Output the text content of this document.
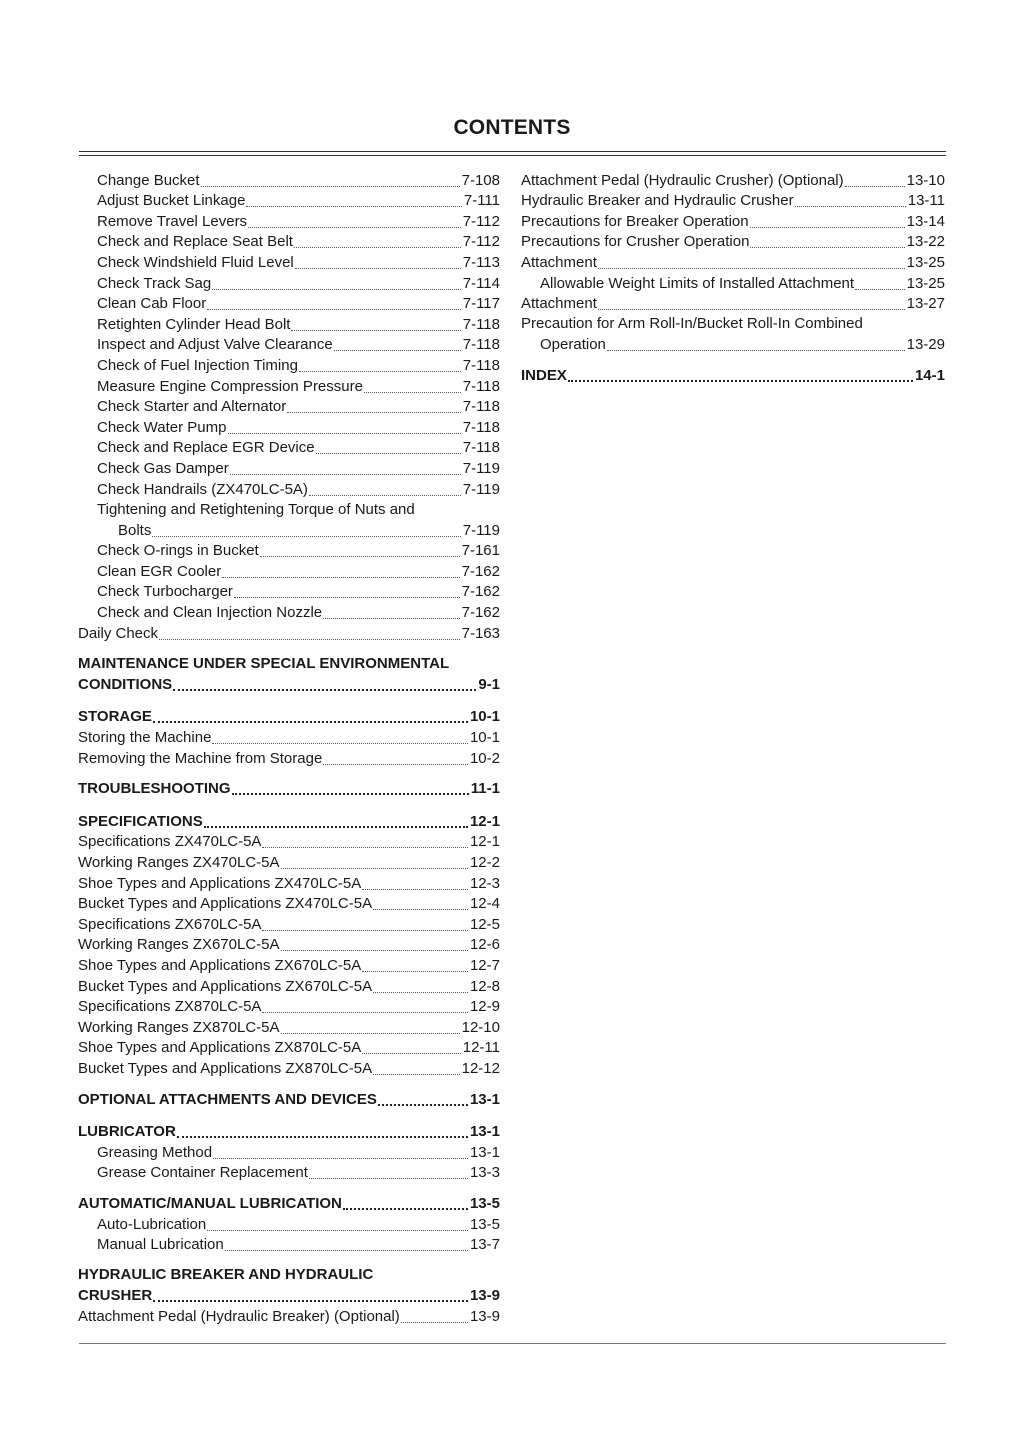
CONTENTS
Change Bucket	7-108
Adjust Bucket Linkage	7-111
Remove Travel Levers	7-112
Check and Replace Seat Belt	7-112
Check Windshield Fluid Level	7-113
Check Track Sag	7-114
Clean Cab Floor	7-117
Retighten Cylinder Head Bolt	7-118
Inspect and Adjust Valve Clearance	7-118
Check of Fuel Injection Timing	7-118
Measure Engine Compression Pressure	7-118
Check Starter and Alternator	7-118
Check Water Pump	7-118
Check and Replace EGR Device	7-118
Check Gas Damper	7-119
Check Handrails (ZX470LC-5A)	7-119
Tightening and Retightening Torque of Nuts and
Bolts	7-119
Check O-rings in Bucket	7-161
Clean EGR Cooler	7-162
Check Turbocharger	7-162
Check and Clean Injection Nozzle	7-162
Daily Check	7-163
MAINTENANCE UNDER SPECIAL ENVIRONMENTAL
CONDITIONS	9-1
STORAGE	10-1
Storing the Machine	10-1
Removing the Machine from Storage	10-2
TROUBLESHOOTING	11-1
SPECIFICATIONS	12-1
Specifications ZX470LC-5A	12-1
Working Ranges ZX470LC-5A	12-2
Shoe Types and Applications ZX470LC-5A	12-3
Bucket Types and Applications ZX470LC-5A	12-4
Specifications ZX670LC-5A	12-5
Working Ranges ZX670LC-5A	12-6
Shoe Types and Applications ZX670LC-5A	12-7
Bucket Types and Applications ZX670LC-5A	12-8
Specifications ZX870LC-5A	12-9
Working Ranges ZX870LC-5A	12-10
Shoe Types and Applications ZX870LC-5A	12-11
Bucket Types and Applications ZX870LC-5A	12-12
OPTIONAL ATTACHMENTS AND DEVICES	13-1
LUBRICATOR	13-1
Greasing Method	13-1
Grease Container Replacement	13-3
AUTOMATIC/MANUAL LUBRICATION	13-5
Auto-Lubrication	13-5
Manual Lubrication	13-7
HYDRAULIC BREAKER AND HYDRAULIC
CRUSHER	13-9
Attachment Pedal (Hydraulic Breaker) (Optional)	13-9
Attachment Pedal (Hydraulic Crusher) (Optional)	13-10
Hydraulic Breaker and Hydraulic Crusher	13-11
Precautions for Breaker Operation	13-14
Precautions for Crusher Operation	13-22
Attachment	13-25
Allowable Weight Limits of Installed Attachment	13-25
Attachment	13-27
Precaution for Arm Roll-In/Bucket Roll-In Combined
Operation	13-29
INDEX	14-1
